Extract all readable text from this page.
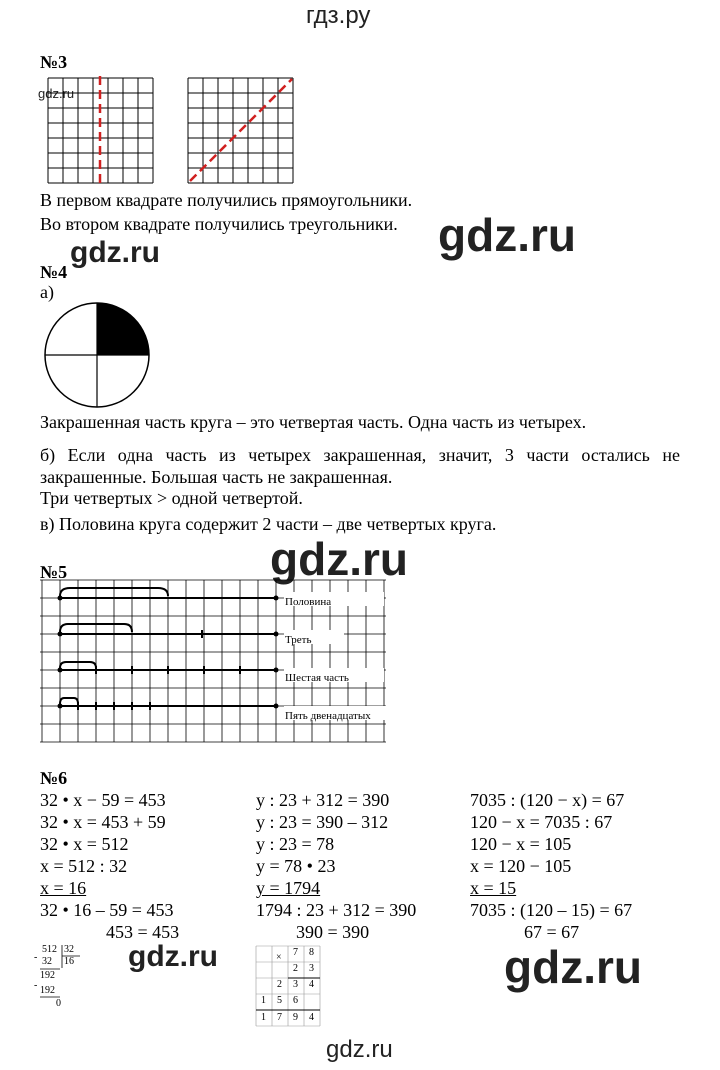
гдз.ру
№3
gdz.ru
В первом квадрате получились прямоугольники.
Во втором квадрате получились треугольники. gdz.ru
gdz.ru
№4
а)
Закрашенная часть круга – это четвертая часть. Одна часть из четырех.
б) Если одна часть из четырех закрашенная, значит, 3 части остались не закрашенные. Большая часть не закрашенная.
Три четвертых > одной четвертой.
в) Половина круга содержит 2 части – две четвертых круга.
gdz.ru
№5
Половина
Треть
Шестая часть
Пять двенадцатых
№6
32 • x − 59 = 453
32 • x = 453 + 59
32 • x = 512
x = 512 : 32
x = 16
32 • 16 – 59 = 453
453 = 453
y : 23 + 312 = 390
y : 23 = 390 – 312
y : 23 = 78
y = 78 • 23
y = 1794
1794 : 23 + 312 = 390
390 = 390
7035 : (120 − x) = 67
120 − x = 7035 : 67
120 − x = 105
x = 120 − 105
x = 15
7035 : (120 – 15) = 67
67 = 67
512 32
- 32 16
192
- 192
0
gdz.ru	× 7 8
2 3
2 3 4
1 5 6
1 7 9 4
gdz.ru
gdz.ru
